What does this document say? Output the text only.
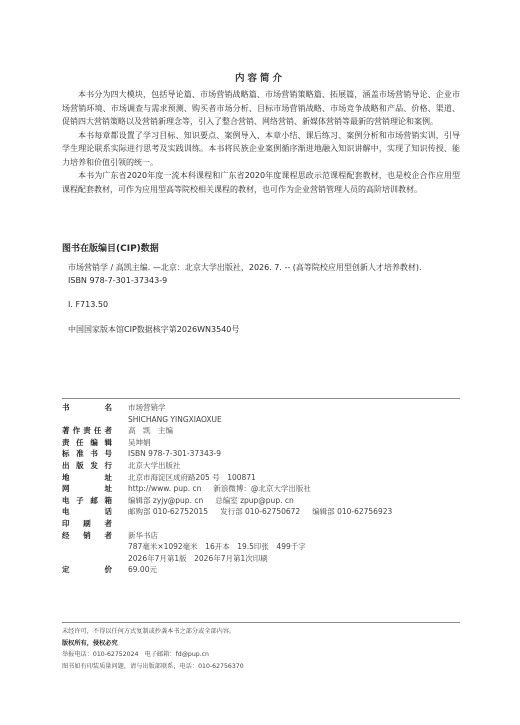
内容简介

本书分为四大模块，包括导论篇、市场营销战略篇、市场营销策略篇、拓展篇，涵盖市场营销导论、企业市场营销环境、市场调查与需求预测、购买者市场分析、目标市场营销战略、市场竞争战略和产品、价格、渠道、促销四大营销策略以及营销新理念等，引入了整合营销、网络营销、新媒体营销等最新的营销理论和案例。

本书每章都设置了学习目标、知识要点、案例导入、本章小结、课后练习、案例分析和市场营销实训，引导学生理论联系实际进行思考及实践训练。本书将民族企业案例循序渐进地融入知识讲解中，实现了知识传授、能力培养和价值引领的统一。

本书为广东省2020年度一流本科课程和广东省2020年度课程思政示范课程配套教材，也是校企合作应用型课程配套教材，可作为应用型高等院校相关课程的教材，也可作为企业营销管理人员的高阶培训教材。

图书在版编目(CIP)数据
市场营销学 / 高凯主编. —北京：北京大学出版社，2026. 7. -- (高等院校应用型创新人才培养教材).
ISBN 978-7-301-37343-9
Ⅰ. F713.50
中国国家版本馆CIP数据核字第2026WN3540号
书　　名 市场营销学
SHICHANG YINGXIAOXUE
著作责任者 高　凯　主编
责任编辑 吴坤娟
标准书号 ISBN 978-7-301-37343-9
出版发行 北京大学出版社
地　　址 北京市海淀区成府路205 号　100871
网　　址 http://www. pup. cn 新浪微博：@北京大学出版社
电子邮箱 编辑部 zyjy@pup. cn 总编室 zpup@pup. cn
电　　话 邮购部 010-62752015 发行部 010-62750672 编辑部 010-62756923
印 刷 者
经 销 者 新华书店
787毫米×1092毫米　16开本　19.5印张　499千字
2026年7月第1版　2026年7月第1次印刷
定　　价 69.00元
未经许可，不得以任何方式复制或抄袭本书之部分或全部内容。
版权所有，侵权必究
举报电话：010-62752024　电子邮箱：fd@pup.cn
图书如有印装质量问题，请与出版部联系，电话：010-62756370
